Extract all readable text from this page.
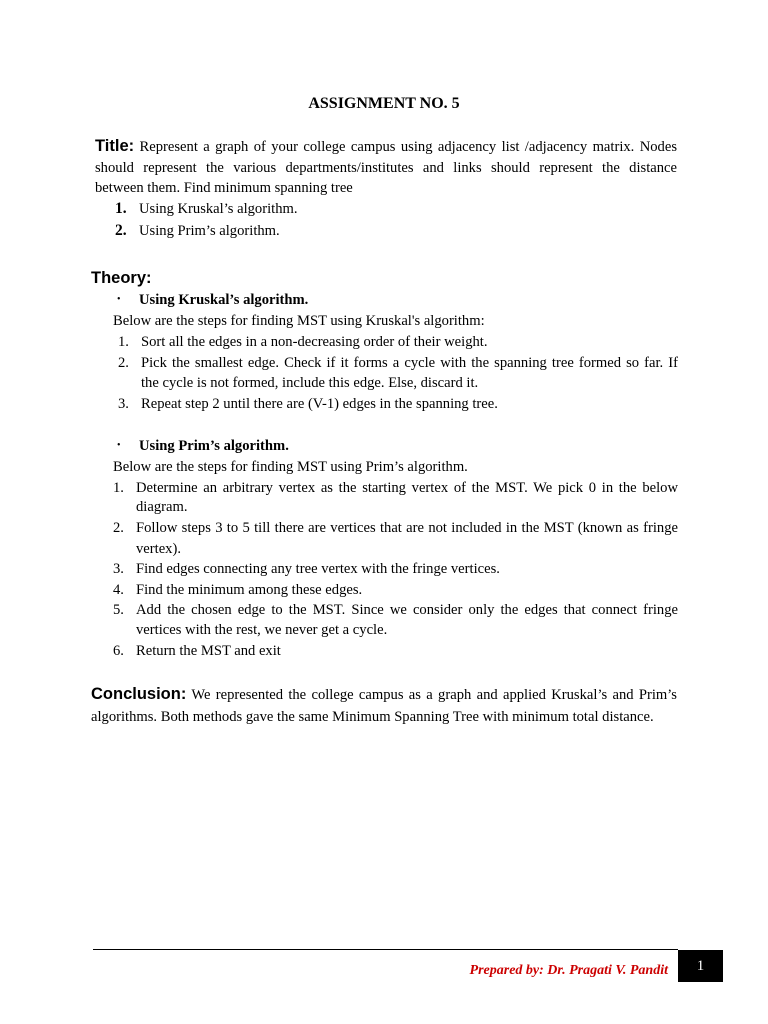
ASSIGNMENT NO. 5
Title: Represent a graph of your college campus using adjacency list /adjacency matrix. Nodes
should represent the various departments/institutes and links should represent the distance
between them. Find minimum spanning tree
1. Using Kruskal’s algorithm.
2. Using Prim’s algorithm.
Theory:
• Using Kruskal’s algorithm.
Below are the steps for finding MST using Kruskal's algorithm:
1. Sort all the edges in a non-decreasing order of their weight.
2. Pick the smallest edge. Check if it forms a cycle with the spanning tree formed so far. If
the cycle is not formed, include this edge. Else, discard it.
3. Repeat step 2 until there are (V-1) edges in the spanning tree.
• Using Prim’s algorithm.
Below are the steps for finding MST using Prim’s algorithm.
1. Determine an arbitrary vertex as the starting vertex of the MST. We pick 0 in the below
diagram.
2. Follow steps 3 to 5 till there are vertices that are not included in the MST (known as fringe
vertex).
3. Find edges connecting any tree vertex with the fringe vertices.
4. Find the minimum among these edges.
5. Add the chosen edge to the MST. Since we consider only the edges that connect fringe
vertices with the rest, we never get a cycle.
6. Return the MST and exit
Conclusion: We represented the college campus as a graph and applied Kruskal’s and Prim’s
algorithms. Both methods gave the same Minimum Spanning Tree with minimum total distance.
Prepared by: Dr. Pragati V. Pandit	1
